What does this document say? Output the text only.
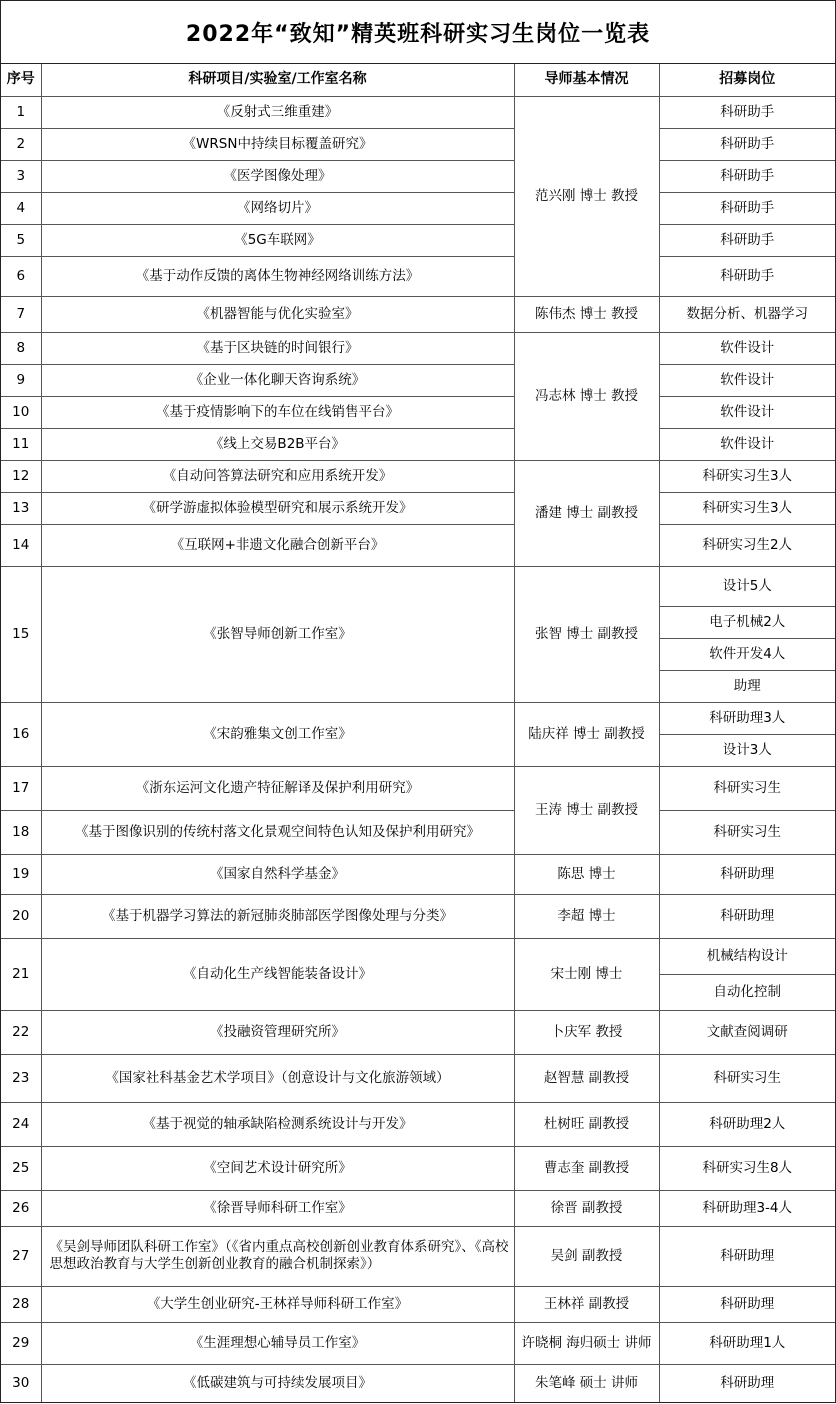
2022年“致知”精英班科研实习生岗位一览表
序号	科研项目/实验室/工作室名称	导师基本情况	招募岗位
1	《反射式三维重建》	范兴刚 博士 教授	科研助手
2	《WRSN中持续目标覆盖研究》		科研助手
3	《医学图像处理》		科研助手
4	《网络切片》		科研助手
5	《5G车联网》		科研助手
6	《基于动作反馈的离体生物神经网络训练方法》		科研助手
7	《机器智能与优化实验室》	陈伟杰 博士 教授	数据分析、机器学习
8	《基于区块链的时间银行》	冯志林 博士 教授	软件设计
9	《企业一体化聊天咨询系统》		软件设计
10	《基于疫情影响下的车位在线销售平台》		软件设计
11	《线上交易B2B平台》		软件设计
12	《自动问答算法研究和应用系统开发》	潘建 博士 副教授	科研实习生3人
13	《研学游虚拟体验模型研究和展示系统开发》		科研实习生3人
14	《互联网+非遗文化融合创新平台》		科研实习生2人
15	《张智导师创新工作室》	张智 博士 副教授	设计5人
			电子机械2人
			软件开发4人
			助理
16	《宋韵雅集文创工作室》	陆庆祥 博士 副教授	科研助理3人
			设计3人
17	《浙东运河文化遗产特征解译及保护利用研究》	王涛 博士 副教授	科研实习生
18	《基于图像识别的传统村落文化景观空间特色认知及保护利用研究》		科研实习生
19	《国家自然科学基金》	陈思 博士	科研助理
20	《基于机器学习算法的新冠肺炎肺部医学图像处理与分类》	李超 博士	科研助理
21	《自动化生产线智能装备设计》	宋士刚 博士	机械结构设计
			自动化控制
22	《投融资管理研究所》	卜庆军 教授	文献查阅调研
23	《国家社科基金艺术学项目》（创意设计与文化旅游领域）	赵智慧 副教授	科研实习生
24	《基于视觉的轴承缺陷检测系统设计与开发》	杜树旺 副教授	科研助理2人
25	《空间艺术设计研究所》	曹志奎 副教授	科研实习生8人
26	《徐晋导师科研工作室》	徐晋 副教授	科研助理3-4人
27	《吴剑导师团队科研工作室》（《省内重点高校创新创业教育体系研究》、《高校思想政治教育与大学生创新创业教育的融合机制探索》）	吴剑 副教授	科研助理
28	《大学生创业研究-王林祥导师科研工作室》	王林祥 副教授	科研助理
29	《生涯理想心辅导员工作室》	许晓桐 海归硕士 讲师	科研助理1人
30	《低碳建筑与可持续发展项目》	朱笔峰 硕士 讲师	科研助理
